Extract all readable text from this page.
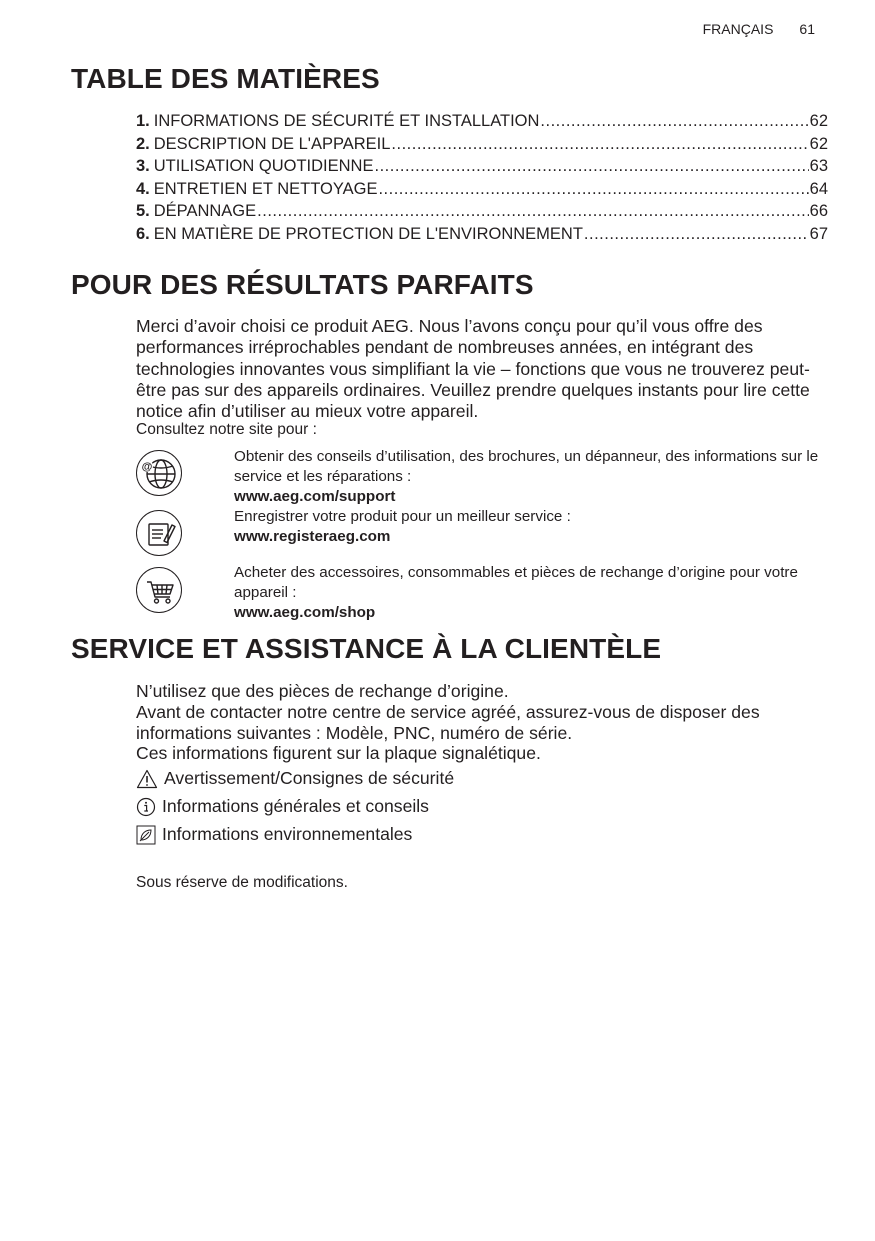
FRANÇAIS 61
TABLE DES MATIÈRES
1. INFORMATIONS DE SÉCURITÉ ET INSTALLATION .....	62
2. DESCRIPTION DE L'APPAREIL .....	62
3. UTILISATION QUOTIDIENNE .....	63
4. ENTRETIEN ET NETTOYAGE .....	64
5. DÉPANNAGE .....	66
6. EN MATIÈRE DE PROTECTION DE L'ENVIRONNEMENT .....	67
POUR DES RÉSULTATS PARFAITS

Merci d’avoir choisi ce produit AEG. Nous l’avons conçu pour qu’il vous offre des performances irréprochables pendant de nombreuses années, en intégrant des technologies innovantes vous simplifiant la vie – fonctions que vous ne trouverez peut-être pas sur des appareils ordinaires. Veuillez prendre quelques instants pour lire cette notice afin d’utiliser au mieux votre appareil.

Consultez notre site pour :

@
Obtenir des conseils d’utilisation, des brochures, un dépanneur, des informations sur le service et les réparations :
www.aeg.com/support
Enregistrer votre produit pour un meilleur service :
www.registeraeg.com
Acheter des accessoires, consommables et pièces de rechange d’origine pour votre appareil :
www.aeg.com/shop
SERVICE ET ASSISTANCE À LA CLIENTÈLE
N’utilisez que des pièces de rechange d’origine.
Avant de contacter notre centre de service agréé, assurez-vous de disposer des informations suivantes : Modèle, PNC, numéro de série.
Ces informations figurent sur la plaque signalétique.
Avertissement/Consignes de sécurité
Informations générales et conseils
Informations environnementales
Sous réserve de modifications.
